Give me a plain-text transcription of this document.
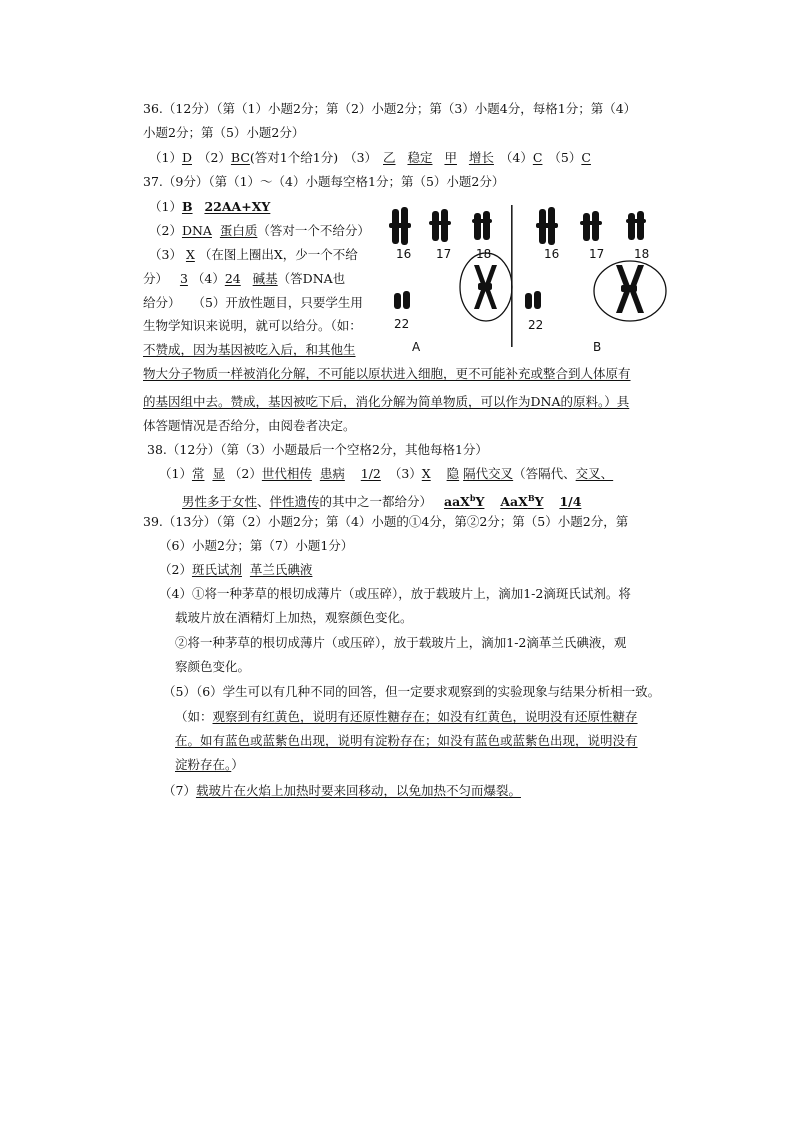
36.（12分）（第（1）小题2分；第（2）小题2分；第（3）小题4分，每格1分；第（4）
小题2分；第（5）小题2分）
（1）D （2）BC(答对1个给1分) （3） 乙 稳定 甲 增长 （4）C （5）C
37.（9分）（第（1）～（4）小题每空格1分；第（5）小题2分）
（1）B 22AA+XY
（2）DNA 蛋白质（答对一个不给分）
（3） X （在图上圈出X，少一个不给
分） 3 （4）24 碱基（答DNA也
给分） （5）开放性题目，只要学生用
生物学知识来说明，就可以给分。（如：
不赞成，因为基因被吃入后，和其他生
物大分子物质一样被消化分解，不可能以原状进入细胞，更不可能补充或整合到人体原有
的基因组中去。赞成，基因被吃下后，消化分解为简单物质，可以作为DNA的原料。）具
体答题情况是否给分，由阅卷者决定。
16 17 18
22
16 17 18
22
A	B
38.（12分）（第（3）小题最后一个空格2分，其他每格1分）
（1）常 显 （2）世代相传 患病 1/2 （3）X 隐 隔代交叉（答隔代、交叉、
男性多于女性、伴性遗传的其中之一都给分） aaX$^b$Y AaX$^B$Y 1/4
39.（13分）（第（2）小题2分；第（4）小题的①4分，第②2分；第（5）小题2分，第
（6）小题2分；第（7）小题1分）
（2）斑氏试剂 革兰氏碘液
（4）①将一种茅草的根切成薄片（或压碎），放于载玻片上，滴加1-2滴斑氏试剂。将
载玻片放在酒精灯上加热，观察颜色变化。
②将一种茅草的根切成薄片（或压碎），放于载玻片上，滴加1-2滴革兰氏碘液，观
察颜色变化。
（5）（6）学生可以有几种不同的回答，但一定要求观察到的实验现象与结果分析相一致。
（如：观察到有红黄色，说明有还原性糖存在；如没有红黄色，说明没有还原性糖存
在。如有蓝色或蓝紫色出现，说明有淀粉存在；如没有蓝色或蓝紫色出现，说明没有
淀粉存在。）
（7）载玻片在火焰上加热时要来回移动，以免加热不匀而爆裂。
